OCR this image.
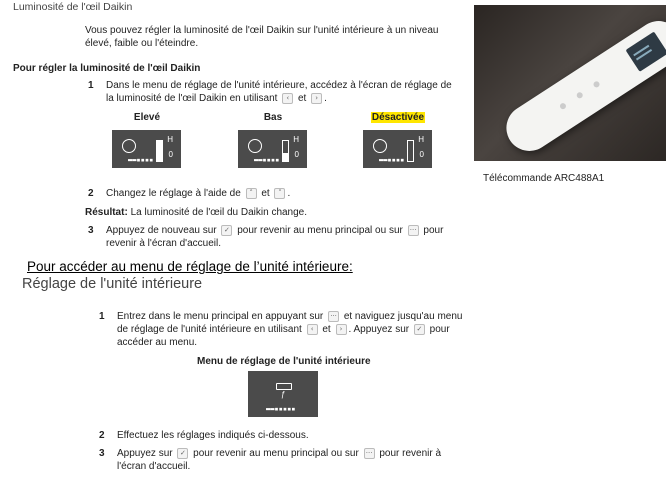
Luminosité de l'œil Daikin
Vous pouvez régler la luminosité de l'œil Daikin sur l'unité intérieure à un niveau élevé, faible ou l'éteindre.
Pour régler la luminosité de l'œil Daikin
1 Dans le menu de réglage de l'unité intérieure, accédez à l'écran de réglage de
la luminosité de l'œil Daikin en utilisant ‹ et › .
Elevé	Bas	Désactivée
H
0
▬▬▪▪▪▪
H
0
▬▬▪▪▪▪
H
0
▬▬▪▪▪▪
2 Changez le réglage à l'aide de ˄ et ˅ .
Résultat: La luminosité de l'œil du Daikin change.
3 Appuyez de nouveau sur ✓ pour revenir au menu principal ou sur ··· pour
revenir à l'écran d'accueil.
Télécommande ARC488A1
Pour accéder au menu de réglage de l’unité intérieure:
Réglage de l'unité intérieure
1 Entrez dans le menu principal en appuyant sur ··· et naviguez jusqu'au menu
de réglage de l'unité intérieure en utilisant ‹ et › . Appuyez sur ✓ pour
accéder au menu.
Menu de réglage de l'unité intérieure
ƒ
▬▬▪▪▪▪▪
2 Effectuez les réglages indiqués ci-dessous.
3 Appuyez sur ✓ pour revenir au menu principal ou sur ··· pour revenir à
l'écran d'accueil.
